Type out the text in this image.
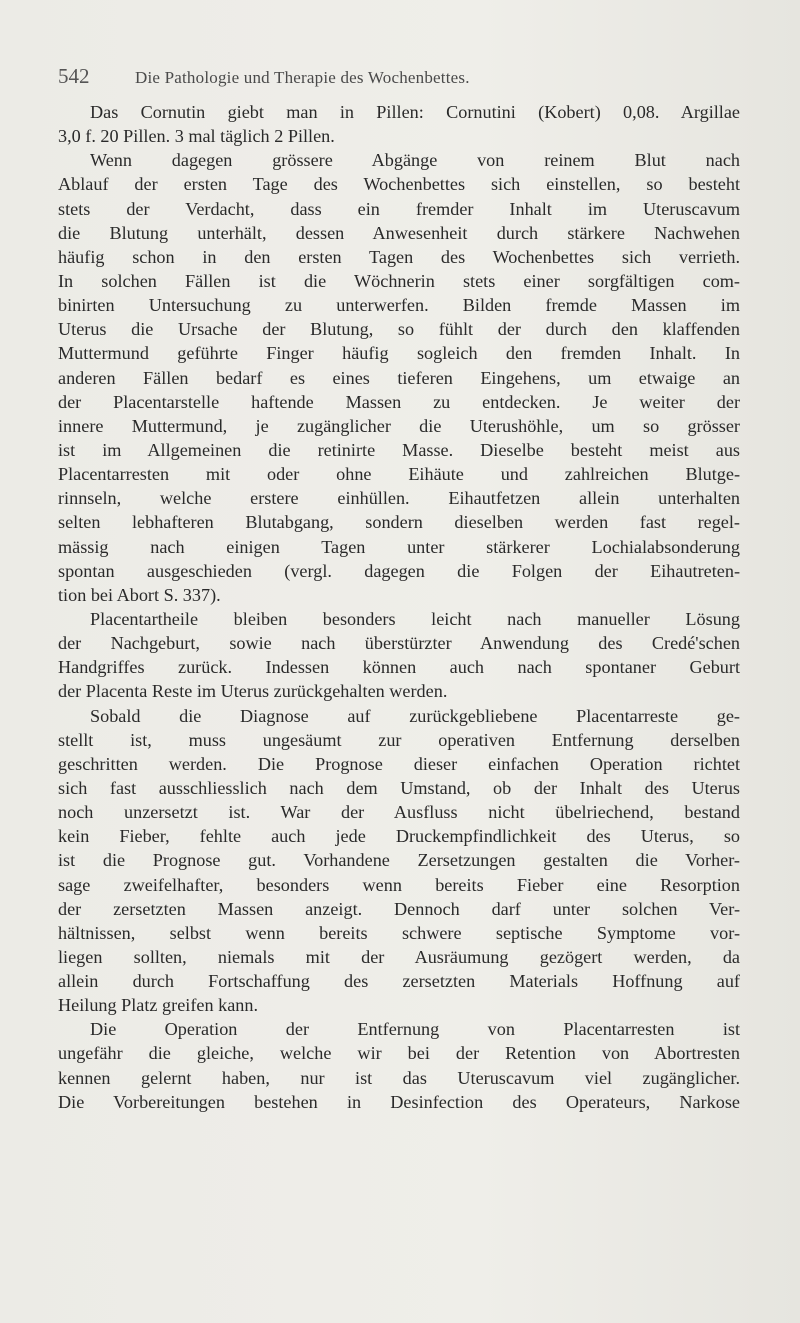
542	Die Pathologie und Therapie des Wochenbettes.
Das Cornutin giebt man in Pillen: Cornutini (Kobert) 0,08. Argillae
3,0 f. 20 Pillen. 3 mal täglich 2 Pillen.
Wenn dagegen grössere Abgänge von reinem Blut nach
Ablauf der ersten Tage des Wochenbettes sich einstellen, so besteht
stets der Verdacht, dass ein fremder Inhalt im Uteruscavum
die Blutung unterhält, dessen Anwesenheit durch stärkere Nachwehen
häufig schon in den ersten Tagen des Wochenbettes sich verrieth.
In solchen Fällen ist die Wöchnerin stets einer sorgfältigen com-
binirten Untersuchung zu unterwerfen. Bilden fremde Massen im
Uterus die Ursache der Blutung, so fühlt der durch den klaffenden
Muttermund geführte Finger häufig sogleich den fremden Inhalt. In
anderen Fällen bedarf es eines tieferen Eingehens, um etwaige an
der Placentarstelle haftende Massen zu entdecken. Je weiter der
innere Muttermund, je zugänglicher die Uterushöhle, um so grösser
ist im Allgemeinen die retinirte Masse. Dieselbe besteht meist aus
Placentarresten mit oder ohne Eihäute und zahlreichen Blutge-
rinnseln, welche erstere einhüllen. Eihautfetzen allein unterhalten
selten lebhafteren Blutabgang, sondern dieselben werden fast regel-
mässig nach einigen Tagen unter stärkerer Lochialabsonderung
spontan ausgeschieden (vergl. dagegen die Folgen der Eihautreten-
tion bei Abort S. 337).
Placentartheile bleiben besonders leicht nach manueller Lösung
der Nachgeburt, sowie nach überstürzter Anwendung des Credé'schen
Handgriffes zurück. Indessen können auch nach spontaner Geburt
der Placenta Reste im Uterus zurückgehalten werden.
Sobald die Diagnose auf zurückgebliebene Placentarreste ge-
stellt ist, muss ungesäumt zur operativen Entfernung derselben
geschritten werden. Die Prognose dieser einfachen Operation richtet
sich fast ausschliesslich nach dem Umstand, ob der Inhalt des Uterus
noch unzersetzt ist. War der Ausfluss nicht übelriechend, bestand
kein Fieber, fehlte auch jede Druckempfindlichkeit des Uterus, so
ist die Prognose gut. Vorhandene Zersetzungen gestalten die Vorher-
sage zweifelhafter, besonders wenn bereits Fieber eine Resorption
der zersetzten Massen anzeigt. Dennoch darf unter solchen Ver-
hältnissen, selbst wenn bereits schwere septische Symptome vor-
liegen sollten, niemals mit der Ausräumung gezögert werden, da
allein durch Fortschaffung des zersetzten Materials Hoffnung auf
Heilung Platz greifen kann.
Die Operation der Entfernung von Placentarresten ist
ungefähr die gleiche, welche wir bei der Retention von Abortresten
kennen gelernt haben, nur ist das Uteruscavum viel zugänglicher.
Die Vorbereitungen bestehen in Desinfection des Operateurs, Narkose
